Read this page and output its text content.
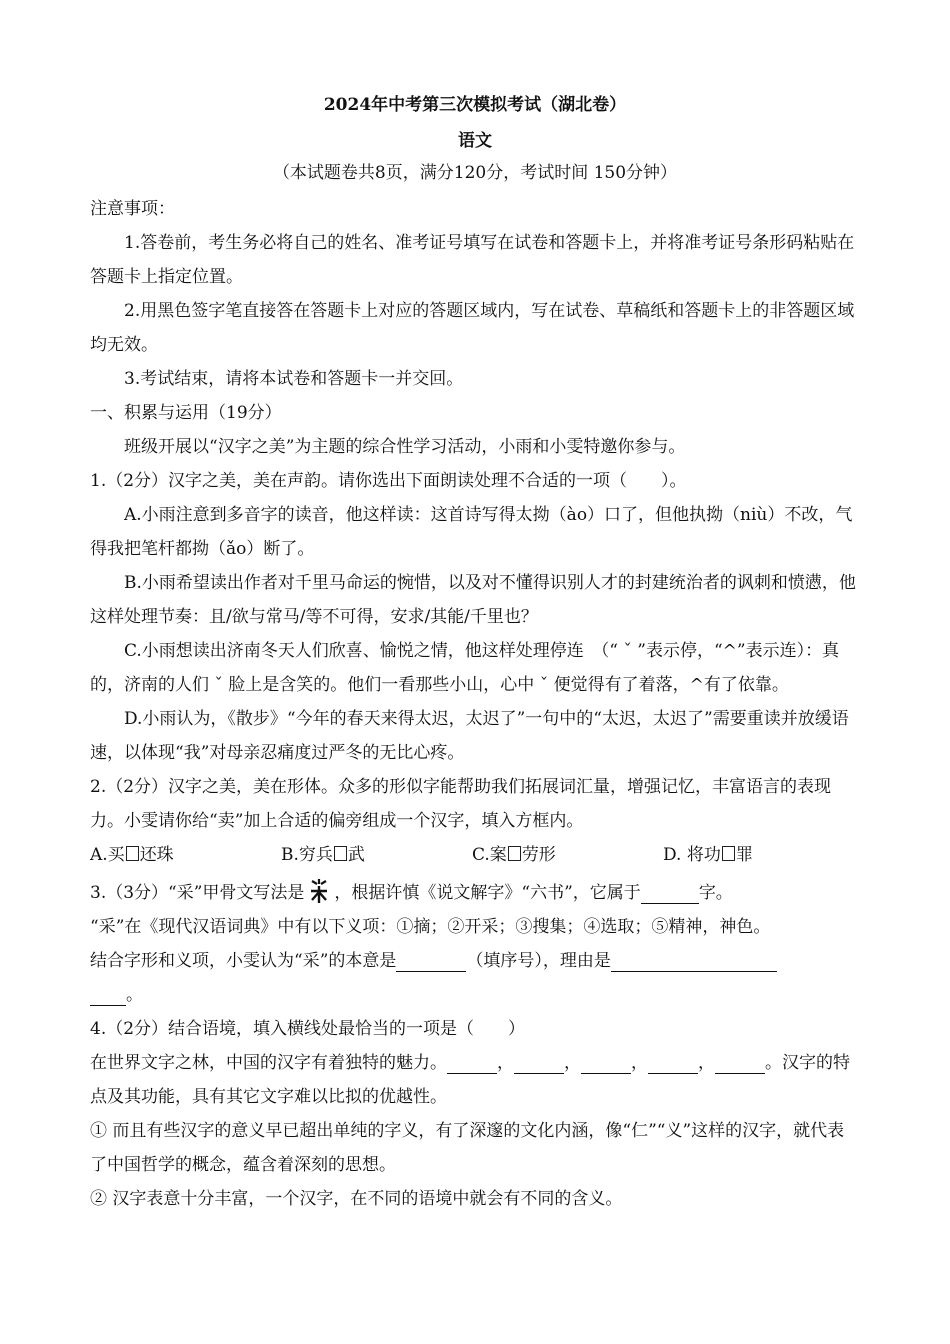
2024年中考第三次模拟考试（湖北卷）
语文
（本试题卷共8页，满分120分，考试时间 150分钟）

注意事项：

1.答卷前，考生务必将自己的姓名、准考证号填写在试卷和答题卡上，并将准考证号条形码粘贴在答题卡上指定位置。

2.用黑色签字笔直接答在答题卡上对应的答题区域内，写在试卷、草稿纸和答题卡上的非答题区域均无效。

3.考试结束，请将本试卷和答题卡一并交回。

一、积累与运用（19分）

班级开展以“汉字之美”为主题的综合性学习活动，小雨和小雯特邀你参与。

1.（2分）汉字之美，美在声韵。请你选出下面朗读处理不合适的一项（　　）。

A.小雨注意到多音字的读音，他这样读：这首诗写得太拗（ào）口了，但他执拗（niù）不改，气得我把笔杆都拗（ǎo）断了。

B.小雨希望读出作者对千里马命运的惋惜，以及对不懂得识别人才的封建统治者的讽刺和愤懑，他这样处理节奏：且/欲与常马/等不可得，安求/其能/千里也？

C.小雨想读出济南冬天人们欣喜、愉悦之情，他这样处理停连　（“ ˇ ”表示停，“^”表示连）：真的，济南的人们 ˇ 脸上是含笑的。他们一看那些小山，心中 ˇ 便觉得有了着落，^有了依靠。

D.小雨认为，《散步》“今年的春天来得太迟，太迟了”一句中的“太迟，太迟了”需要重读并放缓语速，以体现“我”对母亲忍痛度过严冬的无比心疼。

2.（2分）汉字之美，美在形体。众多的形似字能帮助我们拓展词汇量，增强记忆，丰富语言的表现力。小雯请你给“卖”加上合适的偏旁组成一个汉字，填入方框内。

A.买 还珠	B.穷兵 武	C.案 劳形	D. 将功 罪

3.（3分）“采”甲骨文写法是 ，根据许慎《说文解字》“六书”，它属于	字。

“采”在《现代汉语词典》中有以下义项：①摘；②开采；③搜集；④选取；⑤精神，神色。

结合字形和义项，小雯认为“采”的本意是	（填序号），理由是

。

4.（2分）结合语境，填入横线处最恰当的一项是（　　）

在世界文字之林，中国的汉字有着独特的魅力。	，	，	，	，	。汉字的特点及其功能，具有其它文字难以比拟的优越性。

① 而且有些汉字的意义早已超出单纯的字义，有了深邃的文化内涵，像“仁”“义”这样的汉字，就代表了中国哲学的概念，蕴含着深刻的思想。

② 汉字表意十分丰富，一个汉字，在不同的语境中就会有不同的含义。
